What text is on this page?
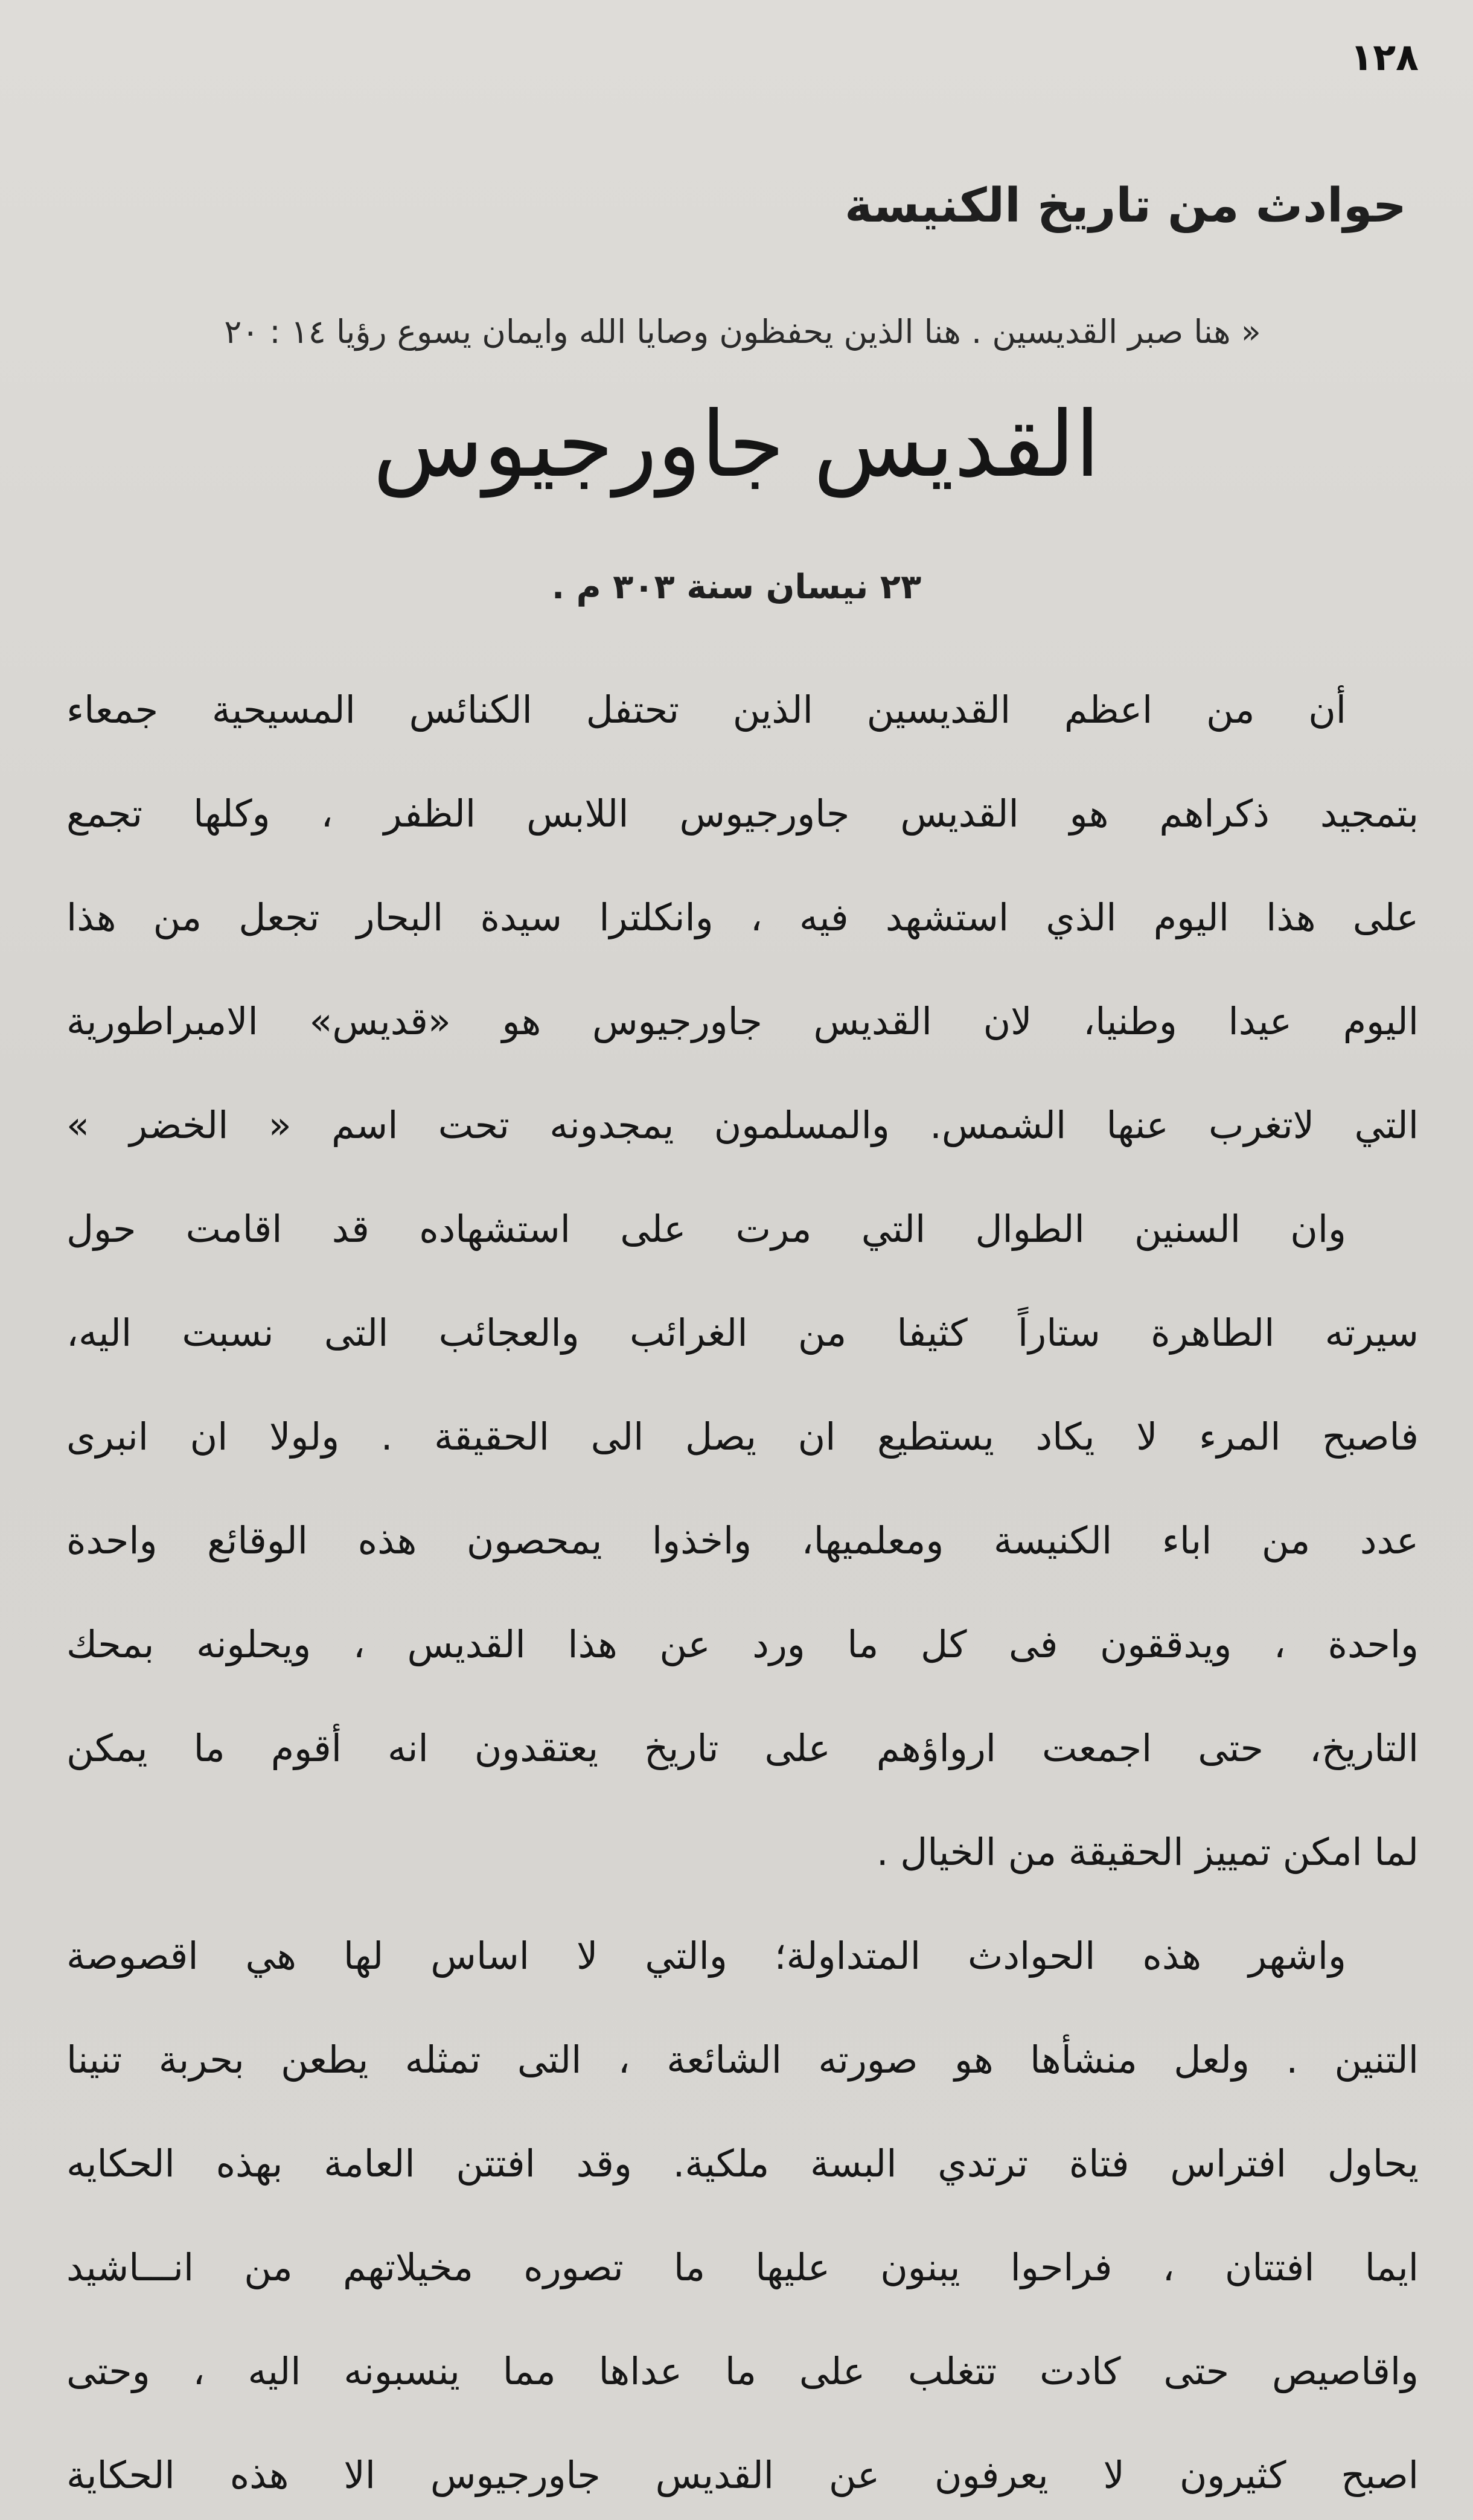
١٢٨
حوادث من تاريخ الكنيسة
« هنا صبر القديسين . هنا الذين يحفظون وصايا الله وايمان يسوع رؤيا ١٤ : ٢٠
القديس جاورجيوس
٢٣ نيسان سنة ٣٠٣ م .
أن من اعظم القديسين الذين تحتفل الكنائس المسيحية جمعاء
بتمجيد ذكراهم هو القديس جاورجيوس اللابس الظفر ، وكلها تجمع
على هذا اليوم الذي استشهد فيه ، وانكلترا سيدة البحار تجعل من هذا
اليوم عيدا وطنيا، لان القديس جاورجيوس هو «قديس» الامبراطورية
التي لاتغرب عنها الشمس. والمسلمون يمجدونه تحت اسم « الخضر »
وان السنين الطوال التي مرت على استشهاده قد اقامت حول
سيرته الطاهرة ستاراً كثيفا من الغرائب والعجائب التى نسبت اليه،
فاصبح المرء لا يكاد يستطيع ان يصل الى الحقيقة . ولولا ان انبرى
عدد من اباء الكنيسة ومعلميها، واخذوا يمحصون هذه الوقائع واحدة
واحدة ، ويدققون فى كل ما ورد عن هذا القديس ، ويحلونه بمحك
التاريخ، حتى اجمعت ارواؤهم على تاريخ يعتقدون انه أقوم ما يمكن
لما امكن تمييز الحقيقة من الخيال .
واشهر هذه الحوادث المتداولة؛ والتي لا اساس لها هي اقصوصة
التنين . ولعل منشأها هو صورته الشائعة ، التى تمثله يطعن بحربة تنينا
يحاول افتراس فتاة ترتدي البسة ملكية. وقد افتتن العامة بهذه الحكايه
ايما افتتان ، فراحوا يبنون عليها ما تصوره مخيلاتهم من انـــاشيد
واقاصيص حتى كادت تتغلب على ما عداها مما ينسبونه اليه ، وحتى
اصبح كثيرون لا يعرفون عن القديس جاورجيوس الا هذه الحكاية
